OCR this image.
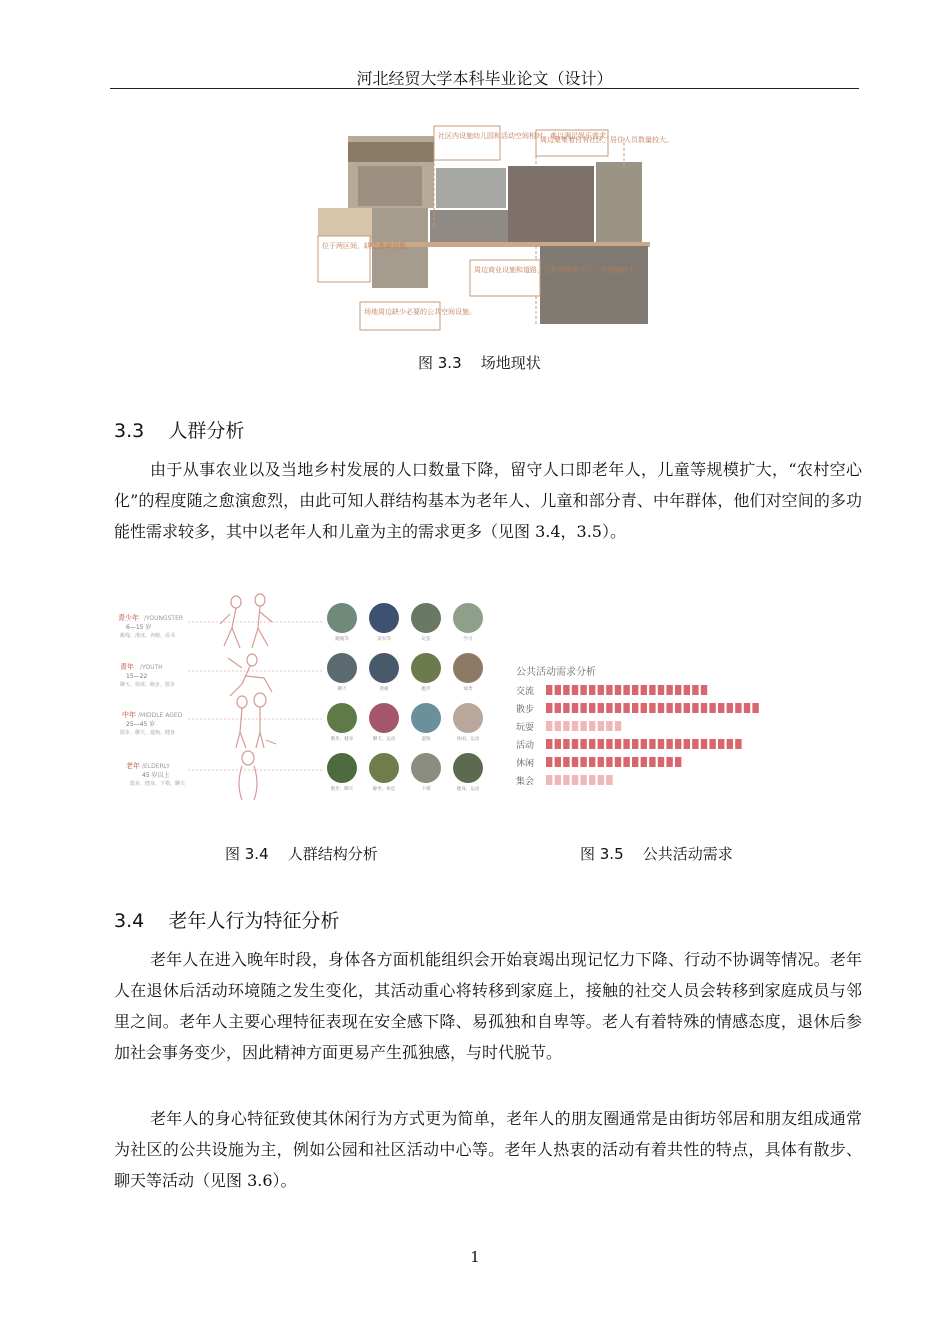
河北经贸大学本科毕业论文（设计）
社区内设施幼儿园和活动空间相对，难以满足娱乐需求。
周边聚集着自有社区，居住人员数量较大。
位于两区间，缺乏基础设施。
周边商业设施和道路，已形成相对工厂，车流量较大。
场地周边缺少必要的公共空间设施。
图 3.3    场地现状
3.3    人群分析

由于从事农业以及当地乡村发展的人口数量下降，留守人口即老年人，儿童等规模扩大，“农村空心化”的程度随之愈演愈烈，由此可知人群结构基本为老年人、儿童和部分青、中年群体，他们对空间的多功能性需求较多，其中以老年人和儿童为主的需求更多（见图 3.4，3.5）。

青少年 /YOUNGSTER
6—15 岁
跳绳、滑冰、奔跑、看书
青年 /YOUTH
15—22
聊天、篮球、跑步、散步
中年 /MIDDLE AGED
25—45 岁
散步、聊天、遛狗、健身
老年 /ELDERLY
45 岁以上
散步、健身、下棋、聊天
跳绳等	读书等	玩耍	学习
聊天	滑板	跑步	球类
散步、健身	聊天、运动	遛狗	休闲、运动
散步、聊天	静坐、休息	下棋	健身、运动
公共活动需求分析
交流
散步
玩耍
活动
休闲
集会
图 3.4    人群结构分析	图 3.5    公共活动需求
3.4    老年人行为特征分析

老年人在进入晚年时段，身体各方面机能组织会开始衰竭出现记忆力下降、行动不协调等情况。老年人在退休后活动环境随之发生变化，其活动重心将转移到家庭上，接触的社交人员会转移到家庭成员与邻里之间。老年人主要心理特征表现在安全感下降、易孤独和自卑等。老人有着特殊的情感态度，退休后参加社会事务变少，因此精神方面更易产生孤独感，与时代脱节。

老年人的身心特征致使其休闲行为方式更为简单，老年人的朋友圈通常是由街坊邻居和朋友组成通常为社区的公共设施为主，例如公园和社区活动中心等。老年人热衷的活动有着共性的特点，具体有散步、聊天等活动（见图 3.6）。

1
